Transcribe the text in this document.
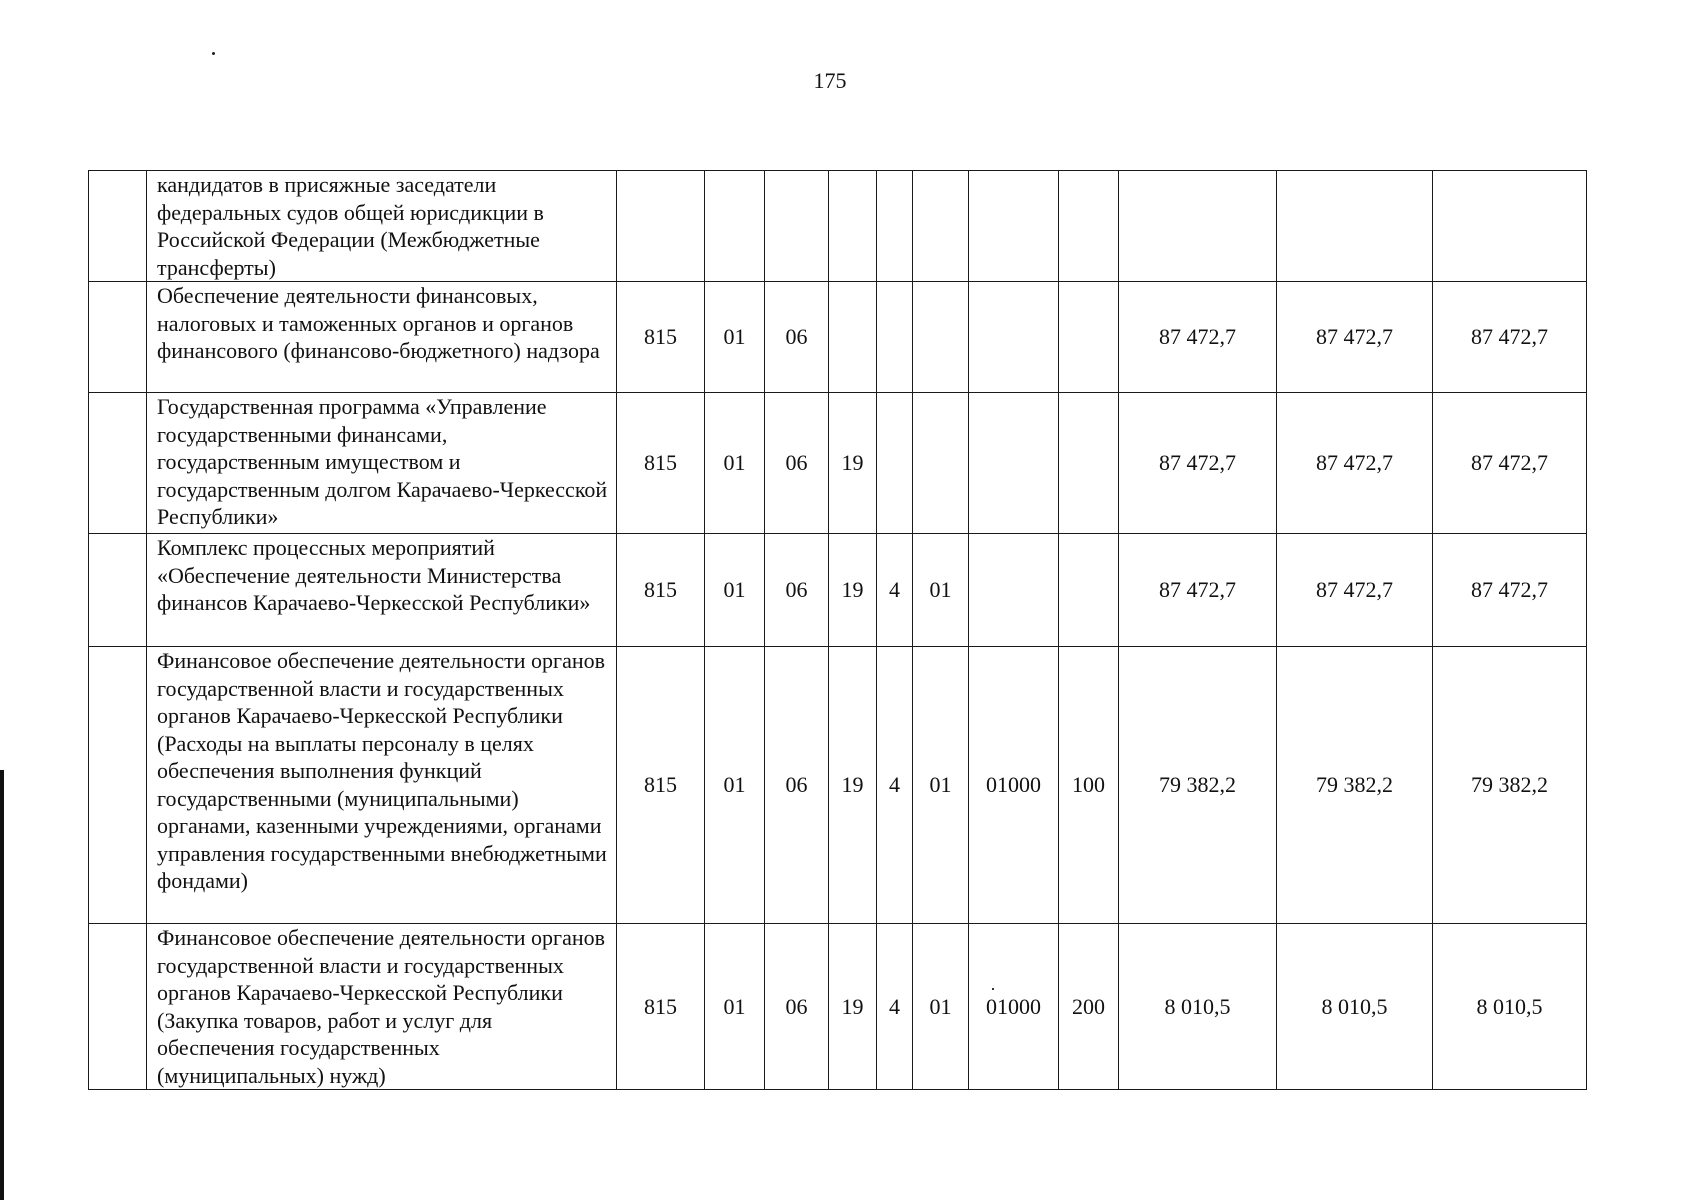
175
	кандидатов в присяжные заседатели федеральных судов общей юрисдикции в Российской Федерации (Межбюджетные трансферты)											
	Обеспечение деятельности финансовых, налоговых и таможенных органов и органов финансового (финансово-бюджетного) надзора	815	01	06						87 472,7	87 472,7	87 472,7
	Государственная программа «Управление государственными финансами, государственным имуществом и государственным долгом Карачаево-Черкесской Республики»	815	01	06	19					87 472,7	87 472,7	87 472,7
	Комплекс процессных мероприятий «Обеспечение деятельности Министерства финансов Карачаево-Черкесской Республики»	815	01	06	19	4	01			87 472,7	87 472,7	87 472,7
	Финансовое обеспечение деятельности органов государственной власти и государственных органов Карачаево-Черкесской Республики (Расходы на выплаты персоналу в целях обеспечения выполнения функций государственными (муниципальными) органами, казенными учреждениями, органами управления государственными внебюджетными фондами)	815	01	06	19	4	01	01000	100	79 382,2	79 382,2	79 382,2
	Финансовое обеспечение деятельности органов государственной власти и государственных органов Карачаево-Черкесской Республики (Закупка товаров, работ и услуг для обеспечения государственных (муниципальных) нужд)	815	01	06	19	4	01	01000	200	8 010,5	8 010,5	8 010,5
